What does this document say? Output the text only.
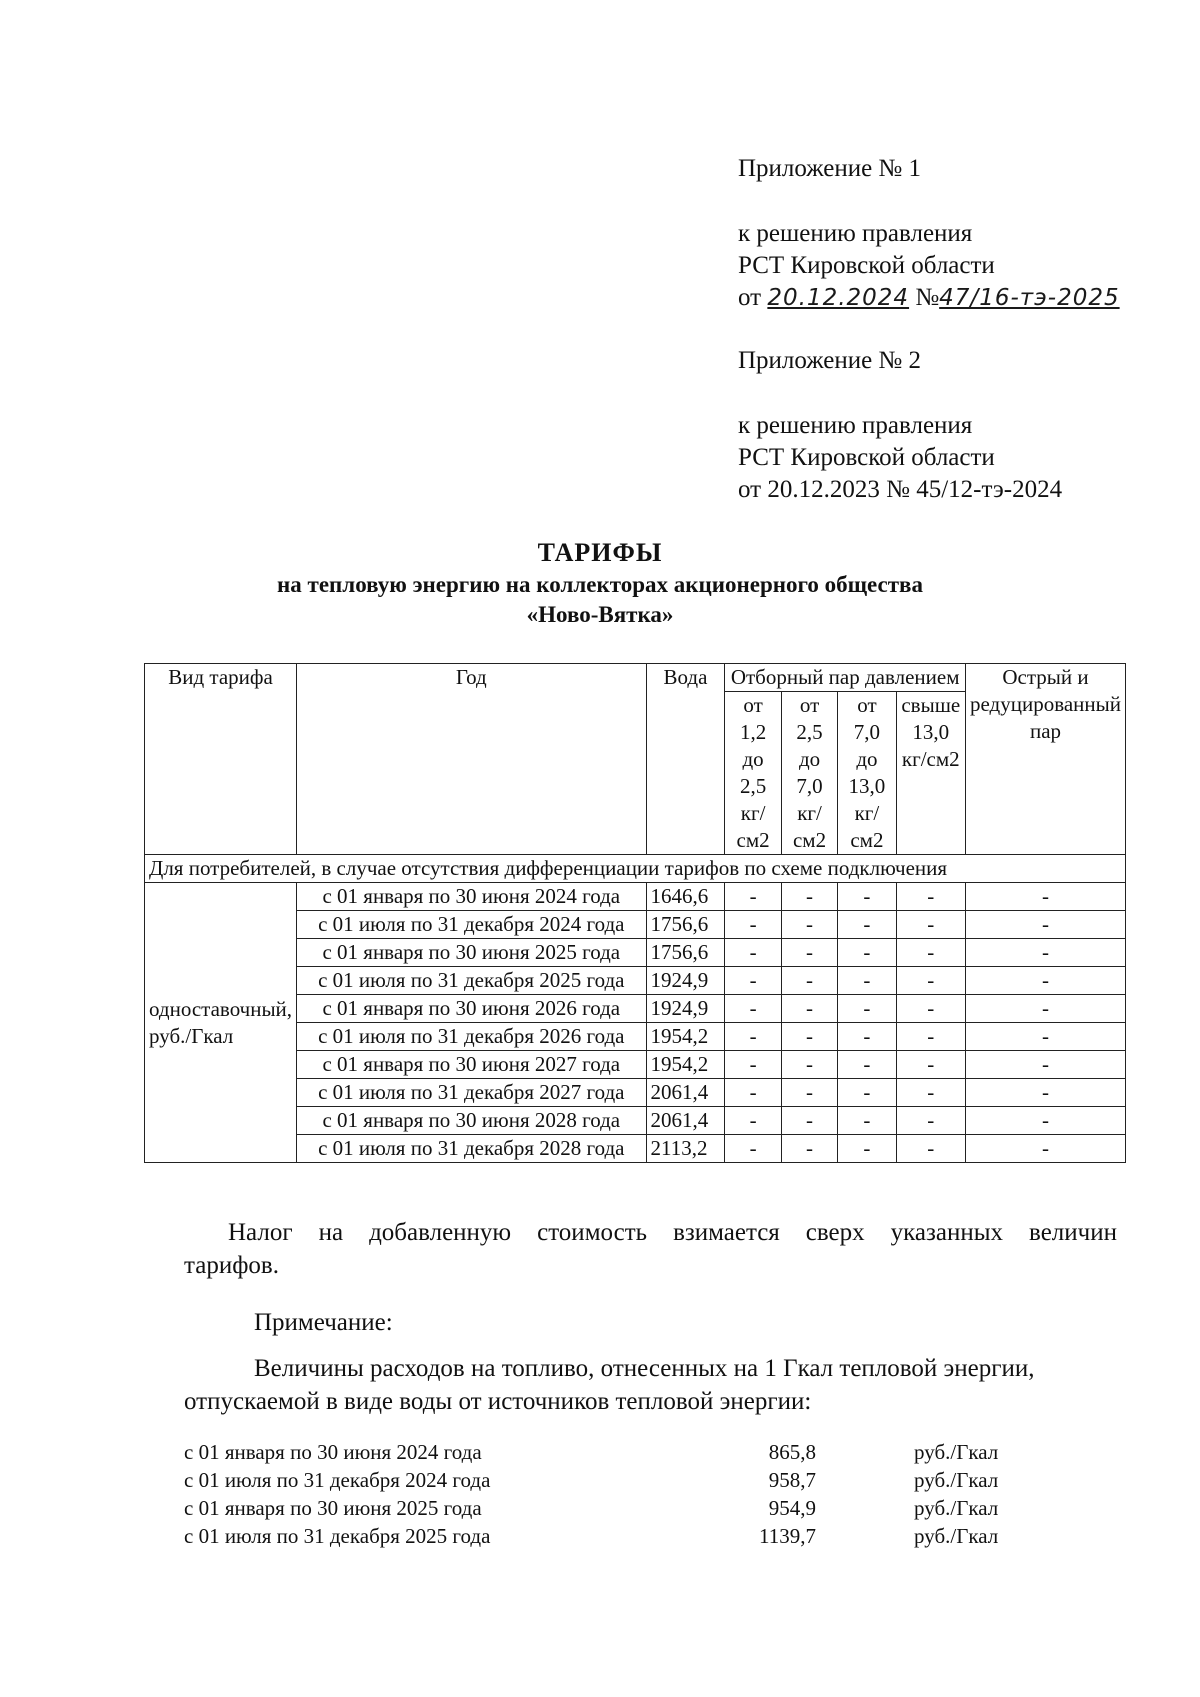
Приложение № 1
к решению правления
РСТ Кировской области
от 20.12.2024 №47/16-тэ-2025
Приложение № 2
к решению правления
РСТ Кировской области
от 20.12.2023 № 45/12-тэ-2024
ТАРИФЫ
на тепловую энергию на коллекторах акционерного общества
«Ново-Вятка»
Вид тарифа	Год	Вода	Отборный пар давлением				Острый и редуцированный пар
			от 1,2 до 2,5 кг/см2	от 2,5 до 7,0 кг/см2	от 7,0 до 13,0 кг/см2	свыше 13,0 кг/см2	
Для потребителей, в случае отсутствия дифференциации тарифов по схеме подключения							
одноставочный, руб./Гкал	с 01 января по 30 июня 2024 года	1646,6	-	-	-	-	-
	с 01 июля по 31 декабря 2024 года	1756,6	-	-	-	-	-
	с 01 января по 30 июня 2025 года	1756,6	-	-	-	-	-
	с 01 июля по 31 декабря 2025 года	1924,9	-	-	-	-	-
	с 01 января по 30 июня 2026 года	1924,9	-	-	-	-	-
	с 01 июля по 31 декабря 2026 года	1954,2	-	-	-	-	-
	с 01 января по 30 июня 2027 года	1954,2	-	-	-	-	-
	с 01 июля по 31 декабря 2027 года	2061,4	-	-	-	-	-
	с 01 января по 30 июня 2028 года	2061,4	-	-	-	-	-
	с 01 июля по 31 декабря 2028 года	2113,2	-	-	-	-	-
Налог на добавленную стоимость взимается сверх указанных величин
тарифов.
Примечание:
Величины расходов на топливо, отнесенных на 1 Гкал тепловой энергии,
отпускаемой в виде воды от источников тепловой энергии:
с 01 января по 30 июня 2024 года	865,8	руб./Гкал
с 01 июля по 31 декабря 2024 года	958,7	руб./Гкал
с 01 января по 30 июня 2025 года	954,9	руб./Гкал
с 01 июля по 31 декабря 2025 года	1139,7	руб./Гкал
